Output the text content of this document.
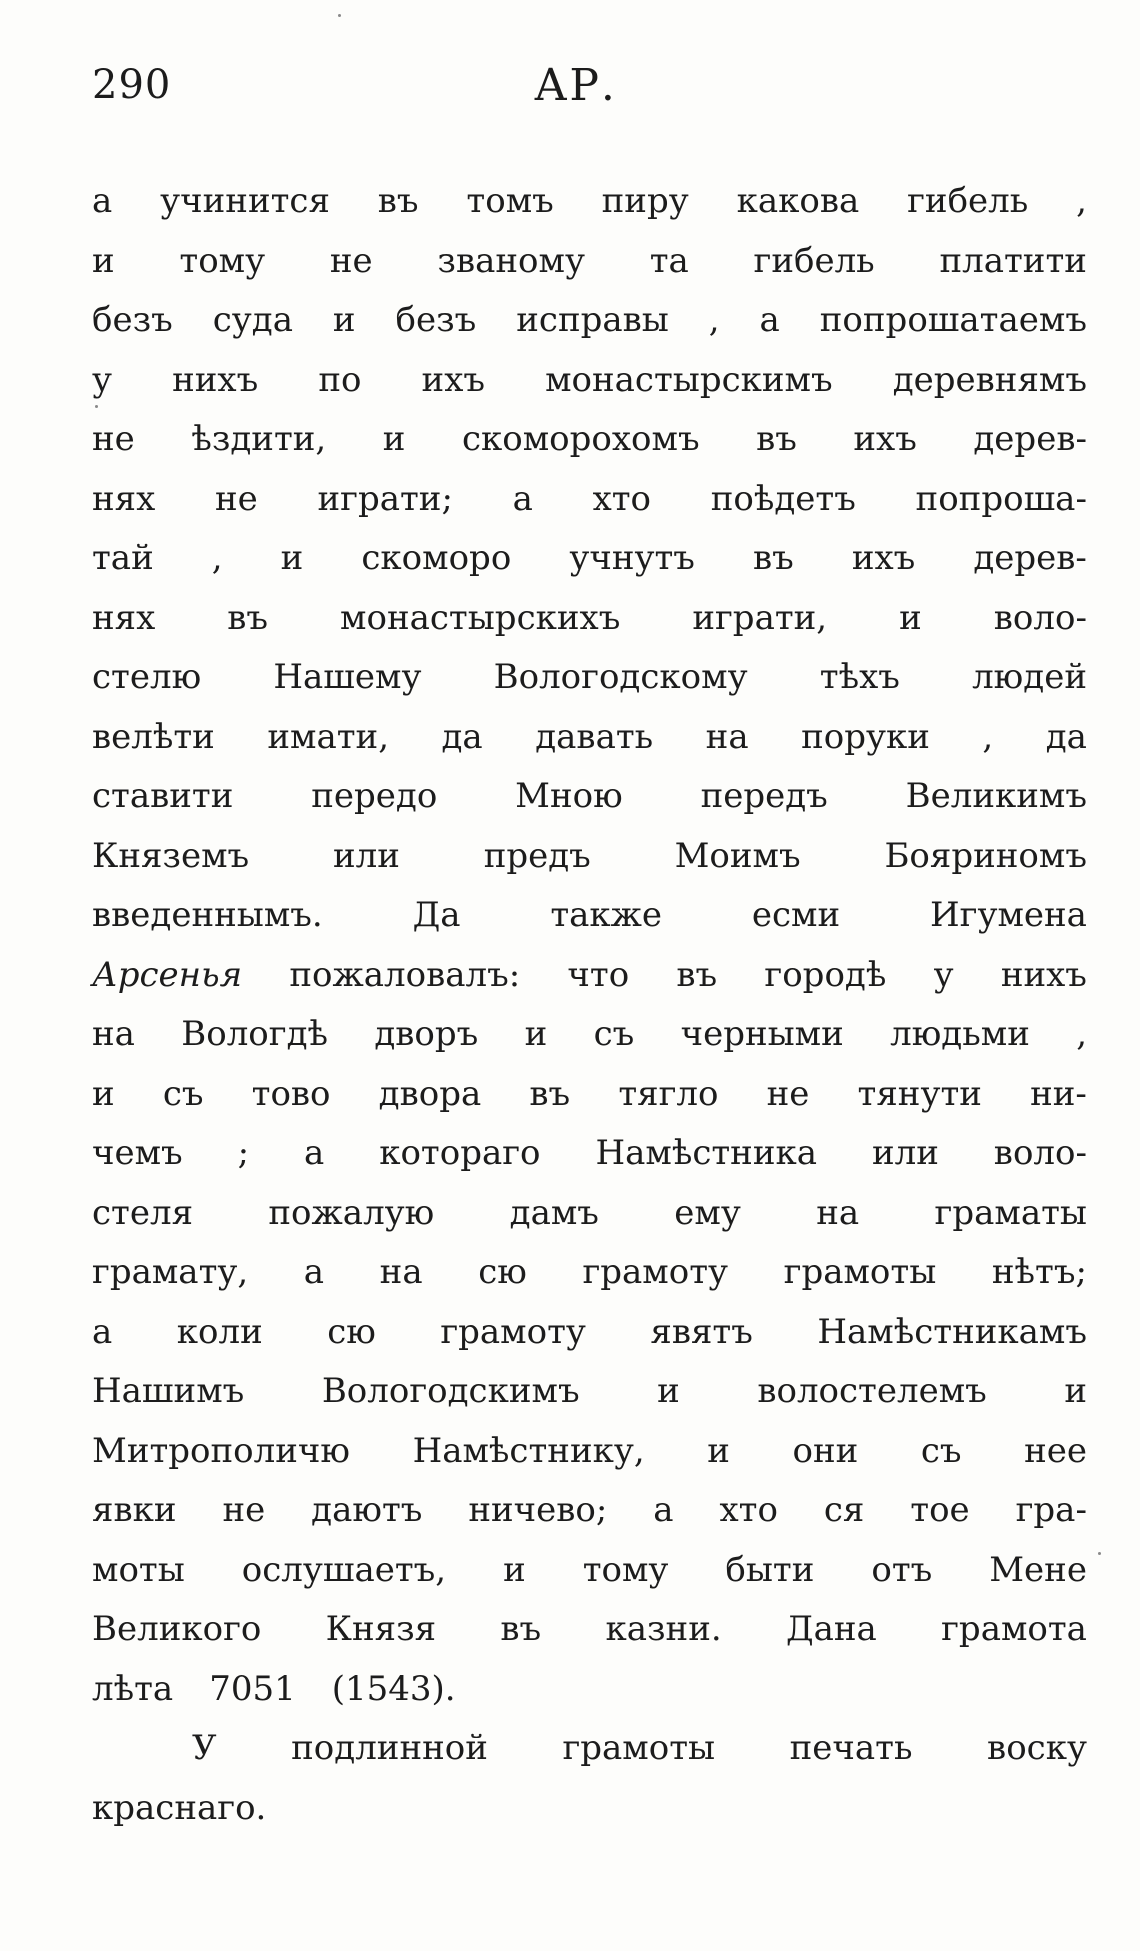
290	АР.
а учинится въ томъ пиру какова гибель ,
и тому не званому та гибель платити
безъ суда и безъ исправы , а попрошатаемъ
у нихъ по ихъ монастырскимъ деревнямъ
не ѣздити, и скоморохомъ въ ихъ дерев-
нях не играти; а хто поѣдетъ попроша-
тай , и скоморо учнутъ въ ихъ дерев-
нях въ монастырскихъ играти, и воло-
стелю Нашему Вологодскому тѣхъ людей
велѣти имати, да давать на поруки , да
ставити передо Мною передъ Великимъ
Княземъ или предъ Моимъ Бояриномъ
введеннымъ.	Да	также	есми	Игумена
Арсенья пожаловалъ: что въ городѣ у нихъ
на Вологдѣ дворъ и съ черными людьми ,
и съ тово двора въ тягло не тянути ни-
чемъ ; а котораго Намѣстника или воло-
стеля пожалую дамъ ему на граматы
грамату, а на сю грамоту грамоты нѣтъ;
а коли сю грамоту явятъ Намѣстникамъ
Нашимъ Вологодскимъ и волостелемъ и
Митрополичю Намѣстнику, и они съ нее
явки не даютъ ничево; а хто ся тое гра-
моты ослушаетъ, и тому быти отъ Мене
Великого Князя въ казни. Дана грамота
лѣта 7051 (1543).
У подлинной грамоты печать воску
краснаго.
